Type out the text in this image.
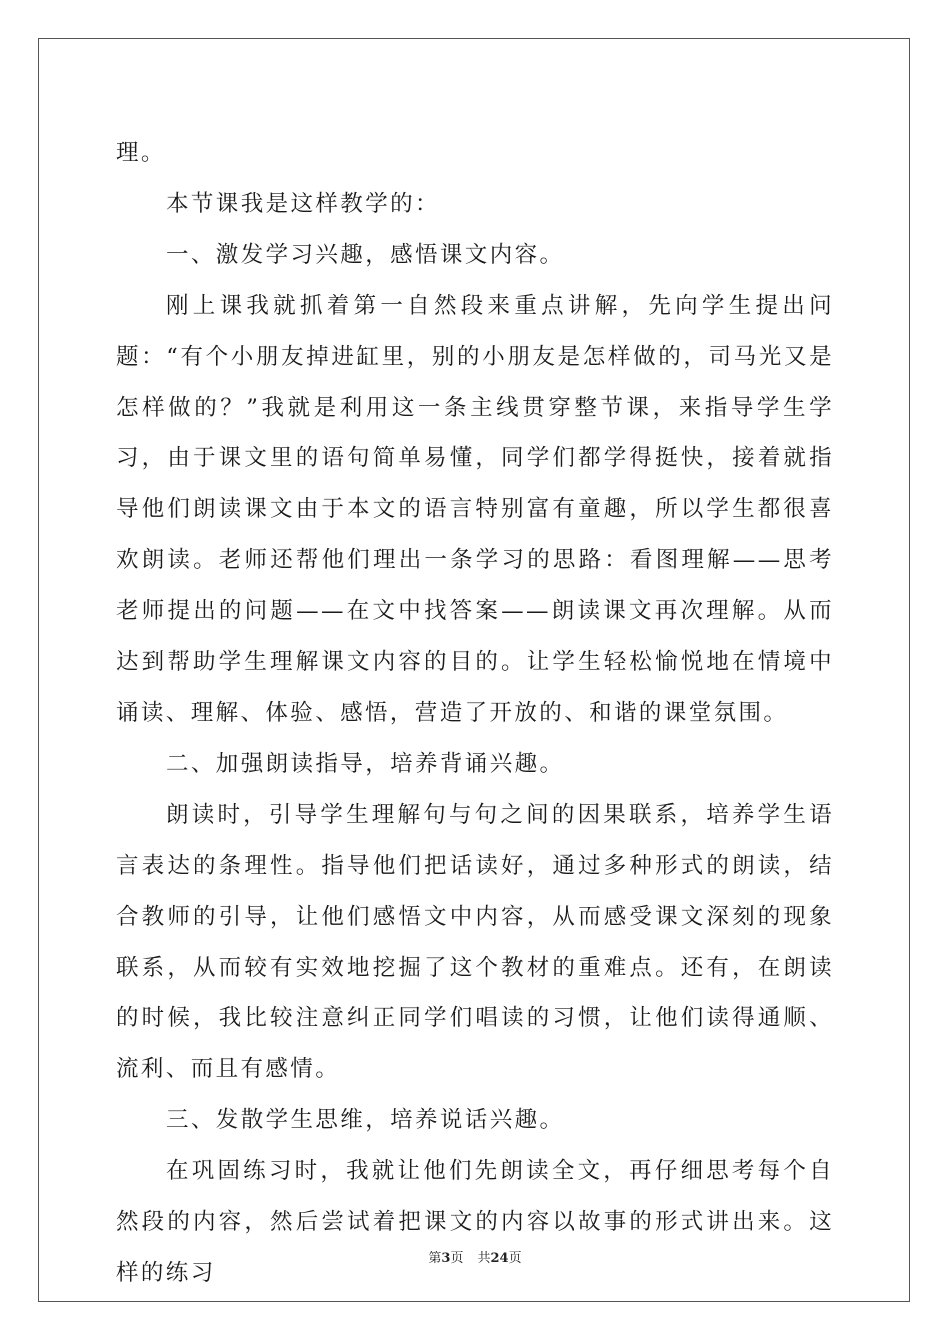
理。

本节课我是这样教学的：

一、激发学习兴趣，感悟课文内容。

刚上课我就抓着第一自然段来重点讲解，先向学生提出问题：“有个小朋友掉进缸里，别的小朋友是怎样做的，司马光又是怎样做的？”我就是利用这一条主线贯穿整节课，来指导学生学习，由于课文里的语句简单易懂，同学们都学得挺快，接着就指导他们朗读课文由于本文的语言特别富有童趣，所以学生都很喜欢朗读。老师还帮他们理出一条学习的思路：看图理解——思考老师提出的问题——在文中找答案——朗读课文再次理解。从而达到帮助学生理解课文内容的目的。让学生轻松愉悦地在情境中诵读、理解、体验、感悟，营造了开放的、和谐的课堂氛围。

二、加强朗读指导，培养背诵兴趣。

朗读时，引导学生理解句与句之间的因果联系，培养学生语言表达的条理性。指导他们把话读好，通过多种形式的朗读，结合教师的引导，让他们感悟文中内容，从而感受课文深刻的现象联系，从而较有实效地挖掘了这个教材的重难点。还有，在朗读的时候，我比较注意纠正同学们唱读的习惯，让他们读得通顺、流利、而且有感情。

三、发散学生思维，培养说话兴趣。

在巩固练习时，我就让他们先朗读全文，再仔细思考每个自然段的内容，然后尝试着把课文的内容以故事的形式讲出来。这样的练习

第3页 共24页
